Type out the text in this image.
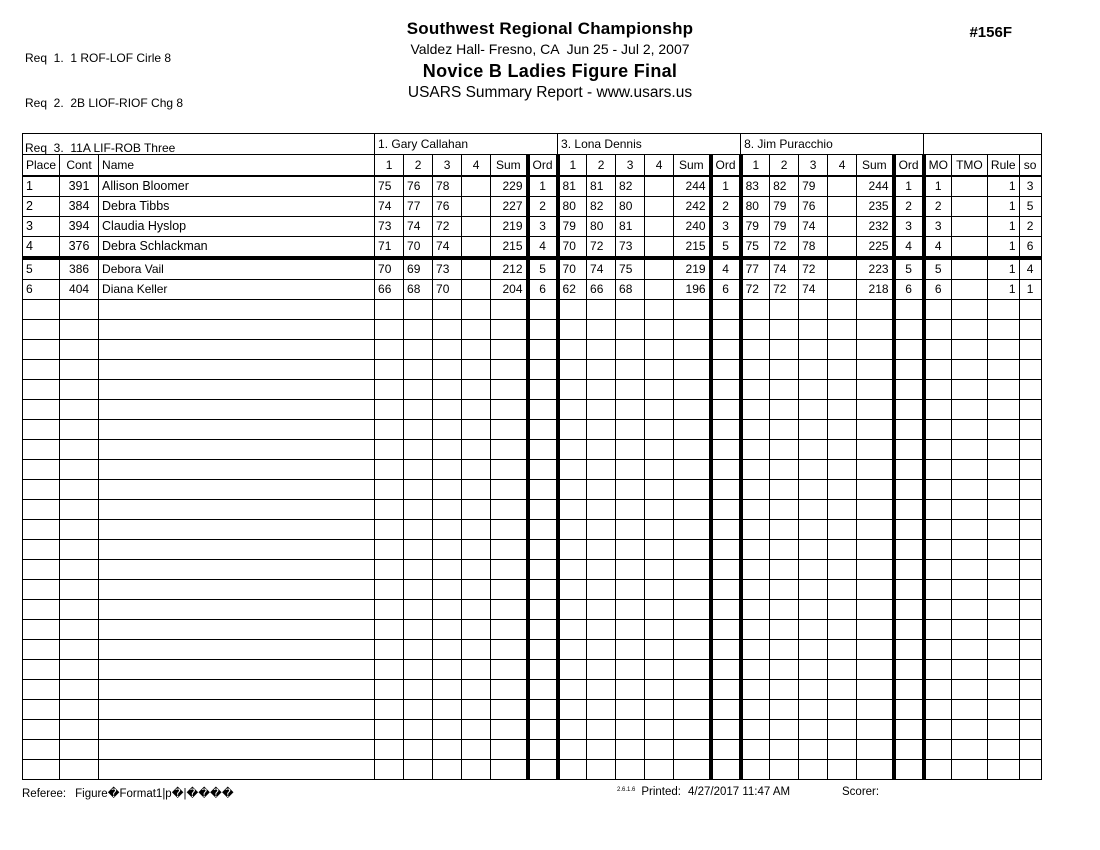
Req  1.  1 ROF-LOF Cirle 8

Req  2.  2B LIOF-RIOF Chg 8

Req  3.  11A LIF-ROB Three

Southwest Regional Championshp
Valdez Hall- Fresno, CA  Jun 25 - Jul 2, 2007
Novice B Ladies Figure Final
USARS Summary Report - www.usars.us
#156F
			1. Gary Callahan						3. Lona Dennis						8. Jim Puracchio									
Place	Cont	Name	1	2	3	4	Sum	Ord	1	2	3	4	Sum	Ord	1	2	3	4	Sum	Ord	MO	TMO	Rule	so
1	391	Allison Bloomer	75	76	78		229	1	81	81	82		244	1	83	82	79		244	1	1		1	3
2	384	Debra Tibbs	74	77	76		227	2	80	82	80		242	2	80	79	76		235	2	2		1	5
3	394	Claudia Hyslop	73	74	72		219	3	79	80	81		240	3	79	79	74		232	3	3		1	2
4	376	Debra Schlackman	71	70	74		215	4	70	72	73		215	5	75	72	78		225	4	4		1	6
5	386	Debora Vail	70	69	73		212	5	70	74	75		219	4	77	74	72		223	5	5		1	4
6	404	Diana Keller	66	68	70		204	6	62	66	68		196	6	72	72	74		218	6	6		1	1

Referee: Figure�Format1|p�|����	$^{2.6.1.6}$ Printed: 4/27/2017 11:47 AM	Scorer:
